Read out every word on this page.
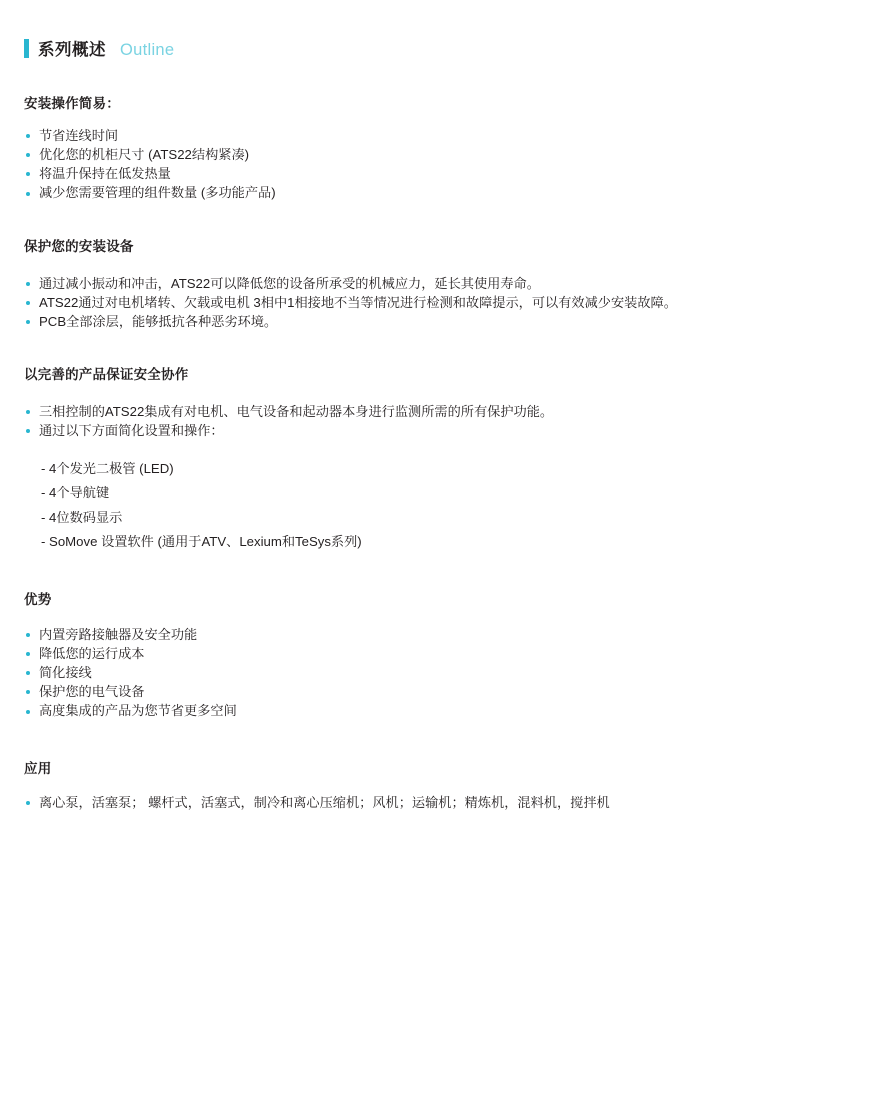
系列概述 Outline
安装操作简易：
节省连线时间
优化您的机柜尺寸 (ATS22结构紧凑)
将温升保持在低发热量
减少您需要管理的组件数量 (多功能产品)
保护您的安装设备
通过减小振动和冲击，ATS22可以降低您的设备所承受的机械应力，延长其使用寿命。
ATS22通过对电机堵转、欠载或电机 3相中1相接地不当等情况进行检测和故障提示，可以有效减少安装故障。
PCB全部涂层，能够抵抗各种恶劣环境。
以完善的产品保证安全协作
三相控制的ATS22集成有对电机、电气设备和起动器本身进行监测所需的所有保护功能。
通过以下方面简化设置和操作：
- 4个发光二极管 (LED)
- 4个导航键
- 4位数码显示
- SoMove 设置软件 (通用于ATV、Lexium和TeSys系列)
优势
内置旁路接触器及安全功能
降低您的运行成本
简化接线
保护您的电气设备
高度集成的产品为您节省更多空间
应用
离心泵，活塞泵； 螺杆式，活塞式，制冷和离心压缩机；风机；运输机；精炼机，混料机，搅拌机
